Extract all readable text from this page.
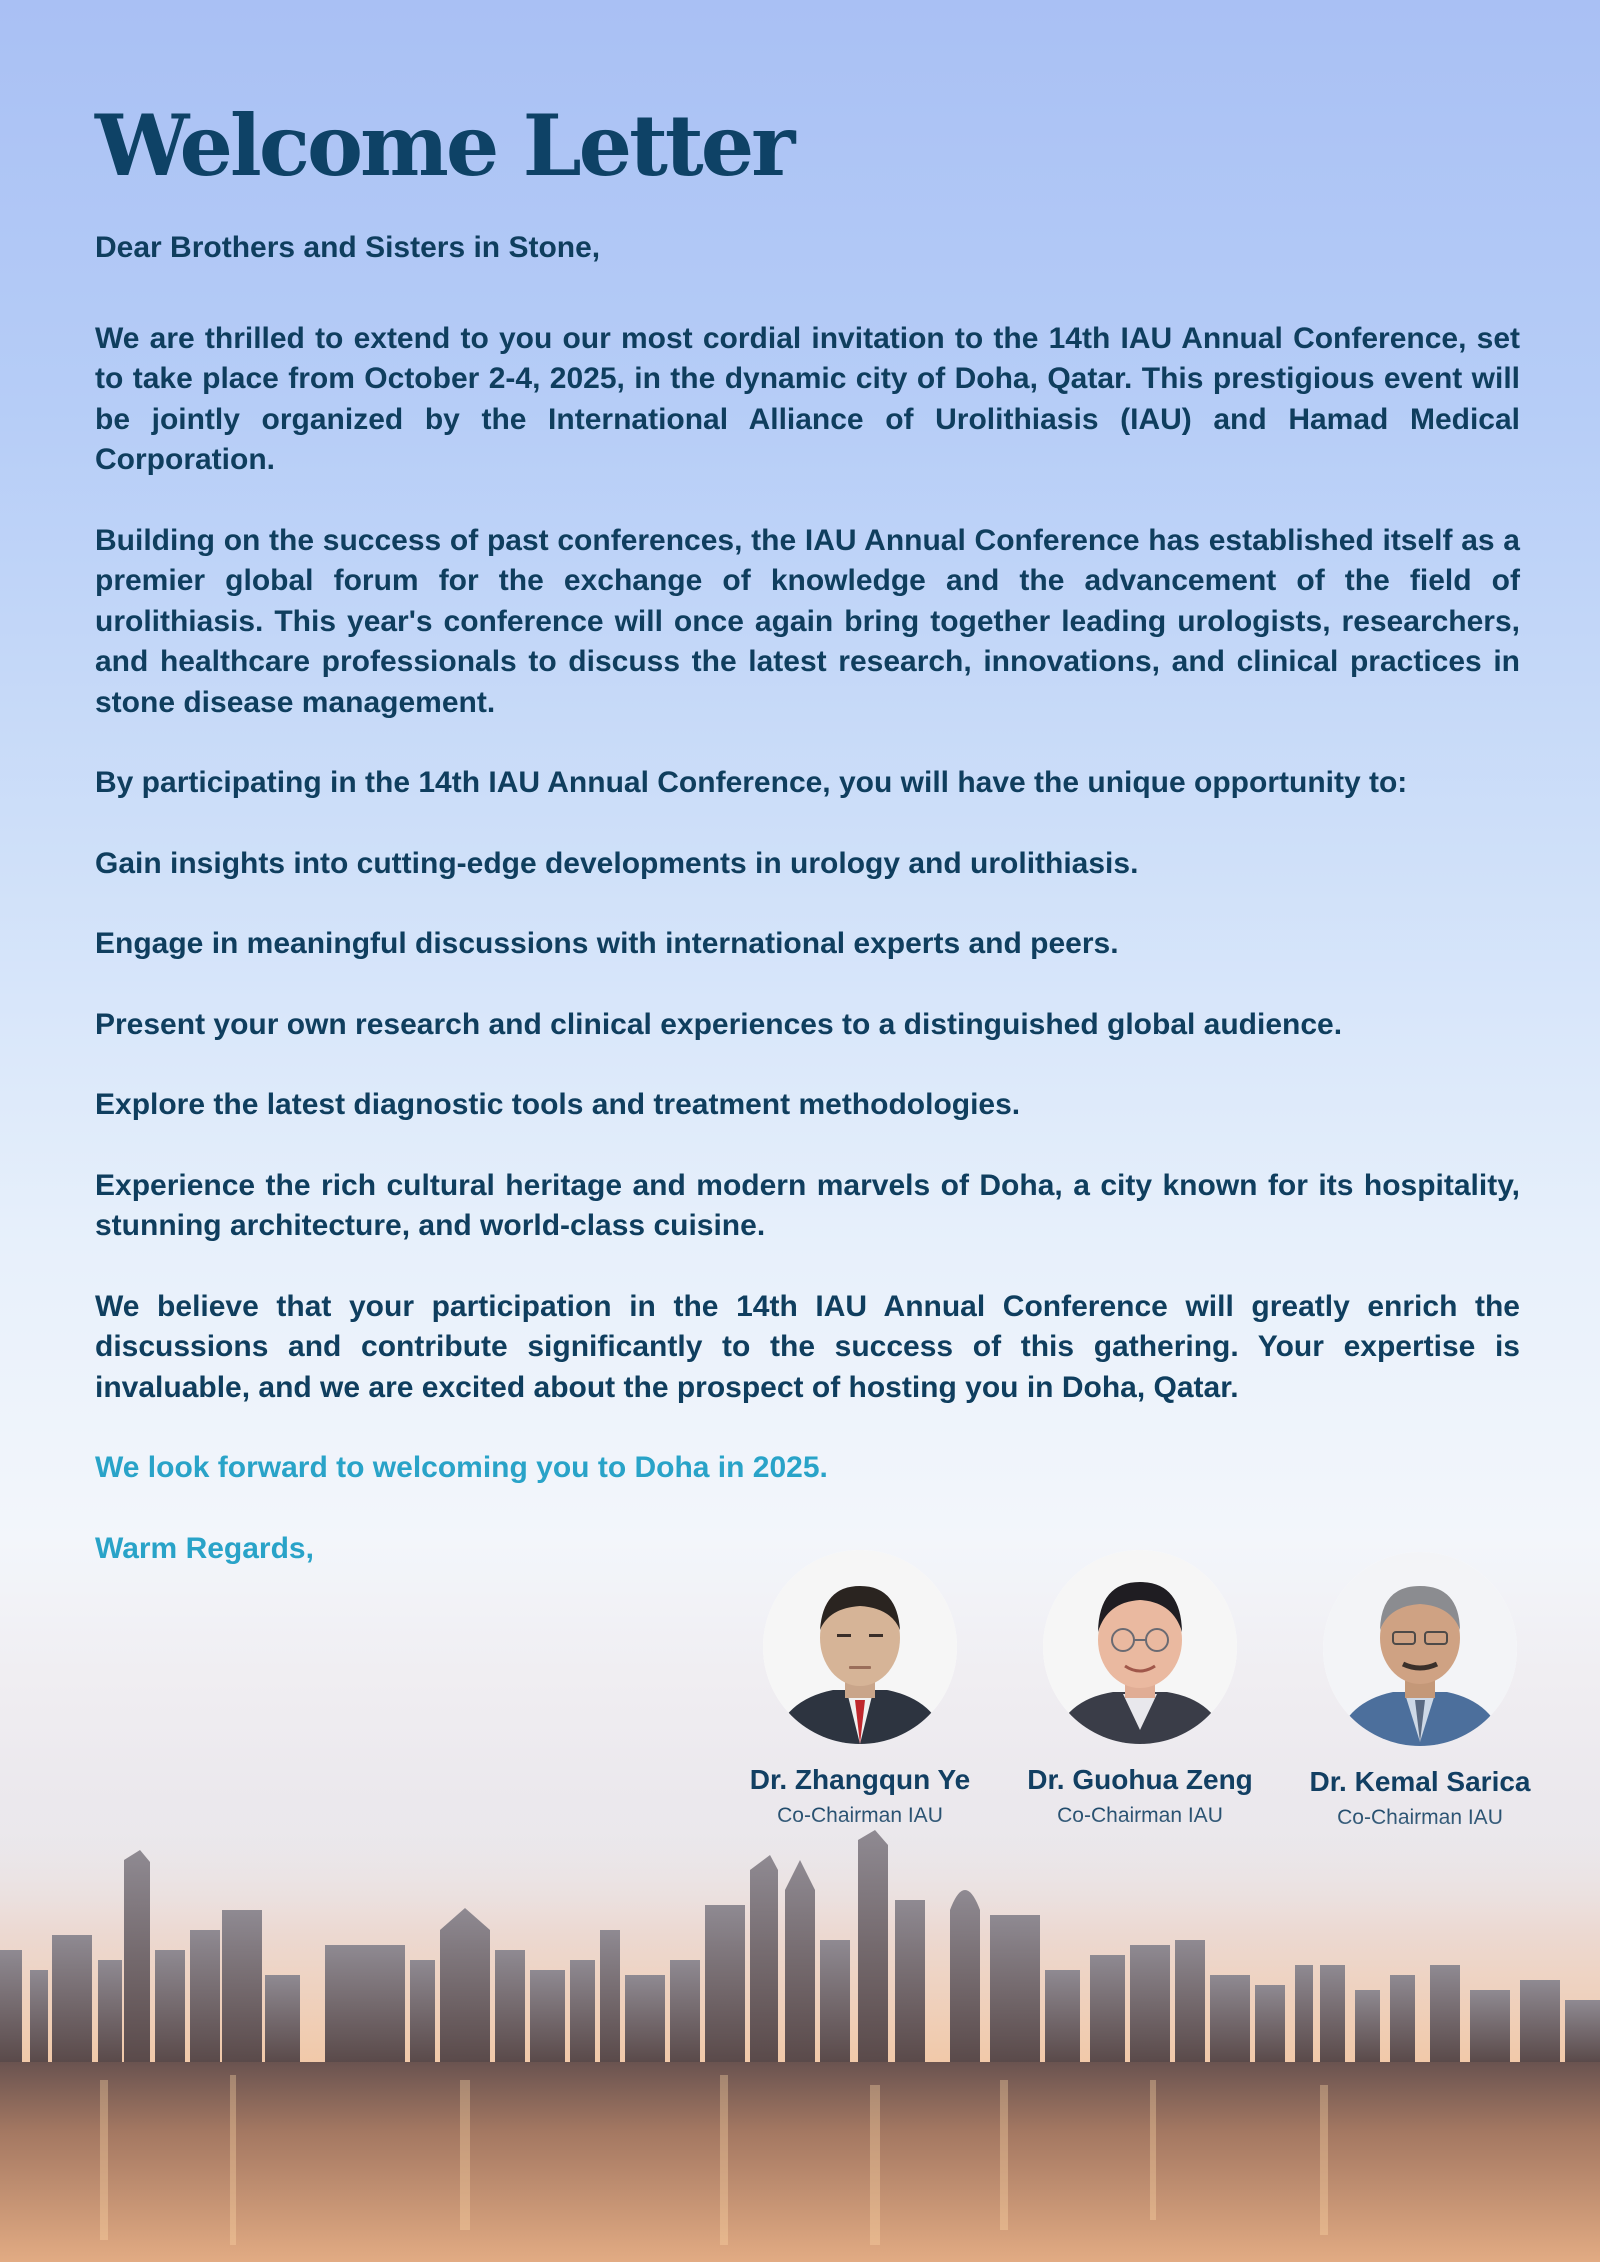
Welcome Letter

Dear Brothers and Sisters in Stone,

We are thrilled to extend to you our most cordial invitation to the 14th IAU Annual Conference, set to take place from October 2-4, 2025, in the dynamic city of Doha, Qatar. This prestigious event will be jointly organized by the International Alliance of Urolithiasis (IAU) and Hamad Medical Corporation.

Building on the success of past conferences, the IAU Annual Conference has established itself as a premier global forum for the exchange of knowledge and the advancement of the field of urolithiasis. This year's conference will once again bring together leading urologists, researchers, and healthcare professionals to discuss the latest research, innovations, and clinical practices in stone disease management.

By participating in the 14th IAU Annual Conference, you will have the unique opportunity to:

Gain insights into cutting-edge developments in urology and urolithiasis.

Engage in meaningful discussions with international experts and peers.

Present your own research and clinical experiences to a distinguished global audience.

Explore the latest diagnostic tools and treatment methodologies.

Experience the rich cultural heritage and modern marvels of Doha, a city known for its hospitality, stunning architecture, and world-class cuisine.

We believe that your participation in the 14th IAU Annual Conference will greatly enrich the discussions and contribute significantly to the success of this gathering. Your expertise is invaluable, and we are excited about the prospect of hosting you in Doha, Qatar.

We look forward to welcoming you to Doha in 2025.

Warm Regards,

Dr. Zhangqun Ye	Dr. Guohua Zeng	Dr. Kemal Sarica
